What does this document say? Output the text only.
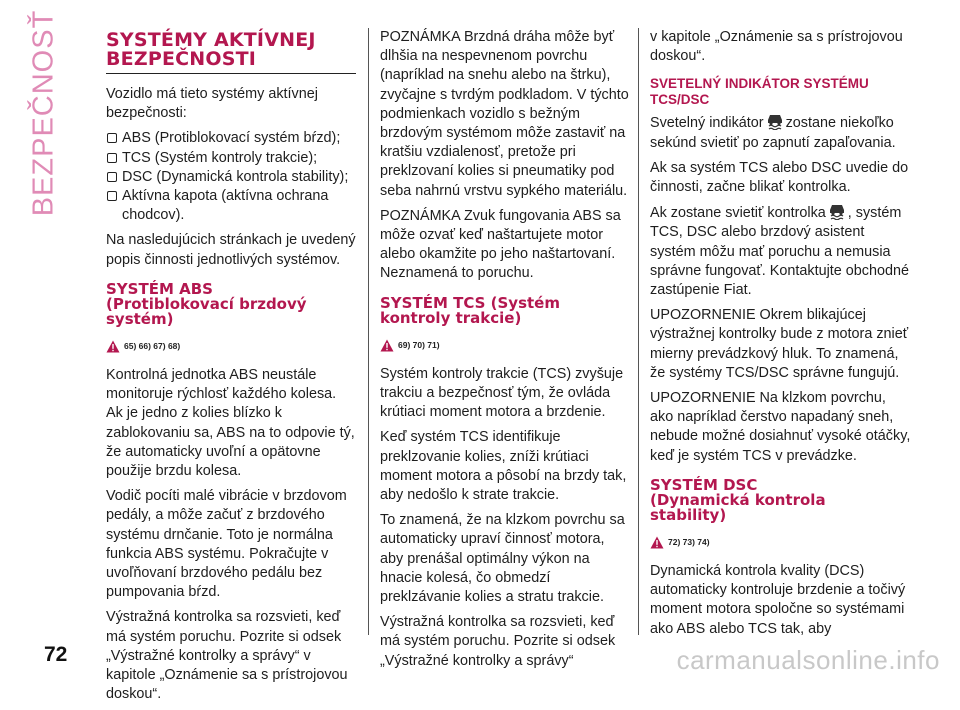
BEZPEČNOSŤ SYSTÉMY AKTÍVNEJ
BEZPEČNOSTI

Vozidlo má tieto systémy aktívnej bezpečnosti:

ABS (Protiblokovací systém bŕzd);
TCS (Systém kontroly trakcie);
DSC (Dynamická kontrola stability);
Aktívna kapota (aktívna ochrana chodcov).

Na nasledujúcich stránkach je uvedený popis činnosti jednotlivých systémov.

SYSTÉM ABS
(Protiblokovací brzdový
systém)
65) 66) 67) 68)

Kontrolná jednotka ABS neustále monitoruje rýchlosť každého kolesa. Ak je jedno z kolies blízko k zablokovaniu sa, ABS na to odpovie tý, že automaticky uvoľní a opätovne použije brzdu kolesa.

Vodič pocíti malé vibrácie v brzdovom pedály, a môže začuť z brzdového systému drnčanie. Toto je normálna funkcia ABS systému. Pokračujte v uvoľňovaní brzdového pedálu bez pumpovania bŕzd.

Výstražná kontrolka sa rozsvieti, keď má systém poruchu. Pozrite si odsek „Výstražné kontrolky a správy“ v kapitole „Oznámenie sa s prístrojovou doskou“.

POZNÁMKA Brzdná dráha môže byť dlhšia na nespevnenom povrchu (napríklad na snehu alebo na štrku), zvyčajne s tvrdým podkladom. V týchto podmienkach vozidlo s bežným brzdovým systémom môže zastaviť na kratšiu vzdialenosť, pretože pri preklzovaní kolies si pneumatiky pod seba nahrnú vrstvu sypkého materiálu.

POZNÁMKA Zvuk fungovania ABS sa môže ozvať keď naštartujete motor alebo okamžite po jeho naštartovaní. Neznamená to poruchu.

SYSTÉM TCS (Systém
kontroly trakcie)
69) 70) 71)

Systém kontroly trakcie (TCS) zvyšuje trakciu a bezpečnosť tým, že ovláda krútiaci moment motora a brzdenie.

Keď systém TCS identifikuje preklzovanie kolies, zníži krútiaci moment motora a pôsobí na brzdy tak, aby nedošlo k strate trakcie.

To znamená, že na klzkom povrchu sa automaticky upraví činnosť motora, aby prenášal optimálny výkon na hnacie kolesá, čo obmedzí preklzávanie kolies a stratu trakcie.

Výstražná kontrolka sa rozsvieti, keď má systém poruchu. Pozrite si odsek „Výstražné kontrolky a správy“

v kapitole „Oznámenie sa s prístrojovou doskou“.

SVETELNÝ INDIKÁTOR SYSTÉMU
TCS/DSC

Svetelný indikátor zostane niekoľko sekúnd svietiť po zapnutí zapaľovania.

Ak sa systém TCS alebo DSC uvedie do činnosti, začne blikať kontrolka.

Ak zostane svietiť kontrolka , systém TCS, DSC alebo brzdový asistent systém môžu mať poruchu a nemusia správne fungovať. Kontaktujte obchodné zastúpenie Fiat.

UPOZORNENIE Okrem blikajúcej výstražnej kontrolky bude z motora znieť mierny prevádzkový hluk. To znamená, že systémy TCS/DSC správne fungujú.

UPOZORNENIE Na klzkom povrchu, ako napríklad čerstvo napadaný sneh, nebude možné dosiahnuť vysoké otáčky, keď je systém TCS v prevádzke.

SYSTÉM DSC
(Dynamická kontrola
stability)
72) 73) 74)

Dynamická kontrola kvality (DCS) automaticky kontroluje brzdenie a točivý moment motora spoločne so systémami ako ABS alebo TCS tak, aby

72	carmanualsonline.info
